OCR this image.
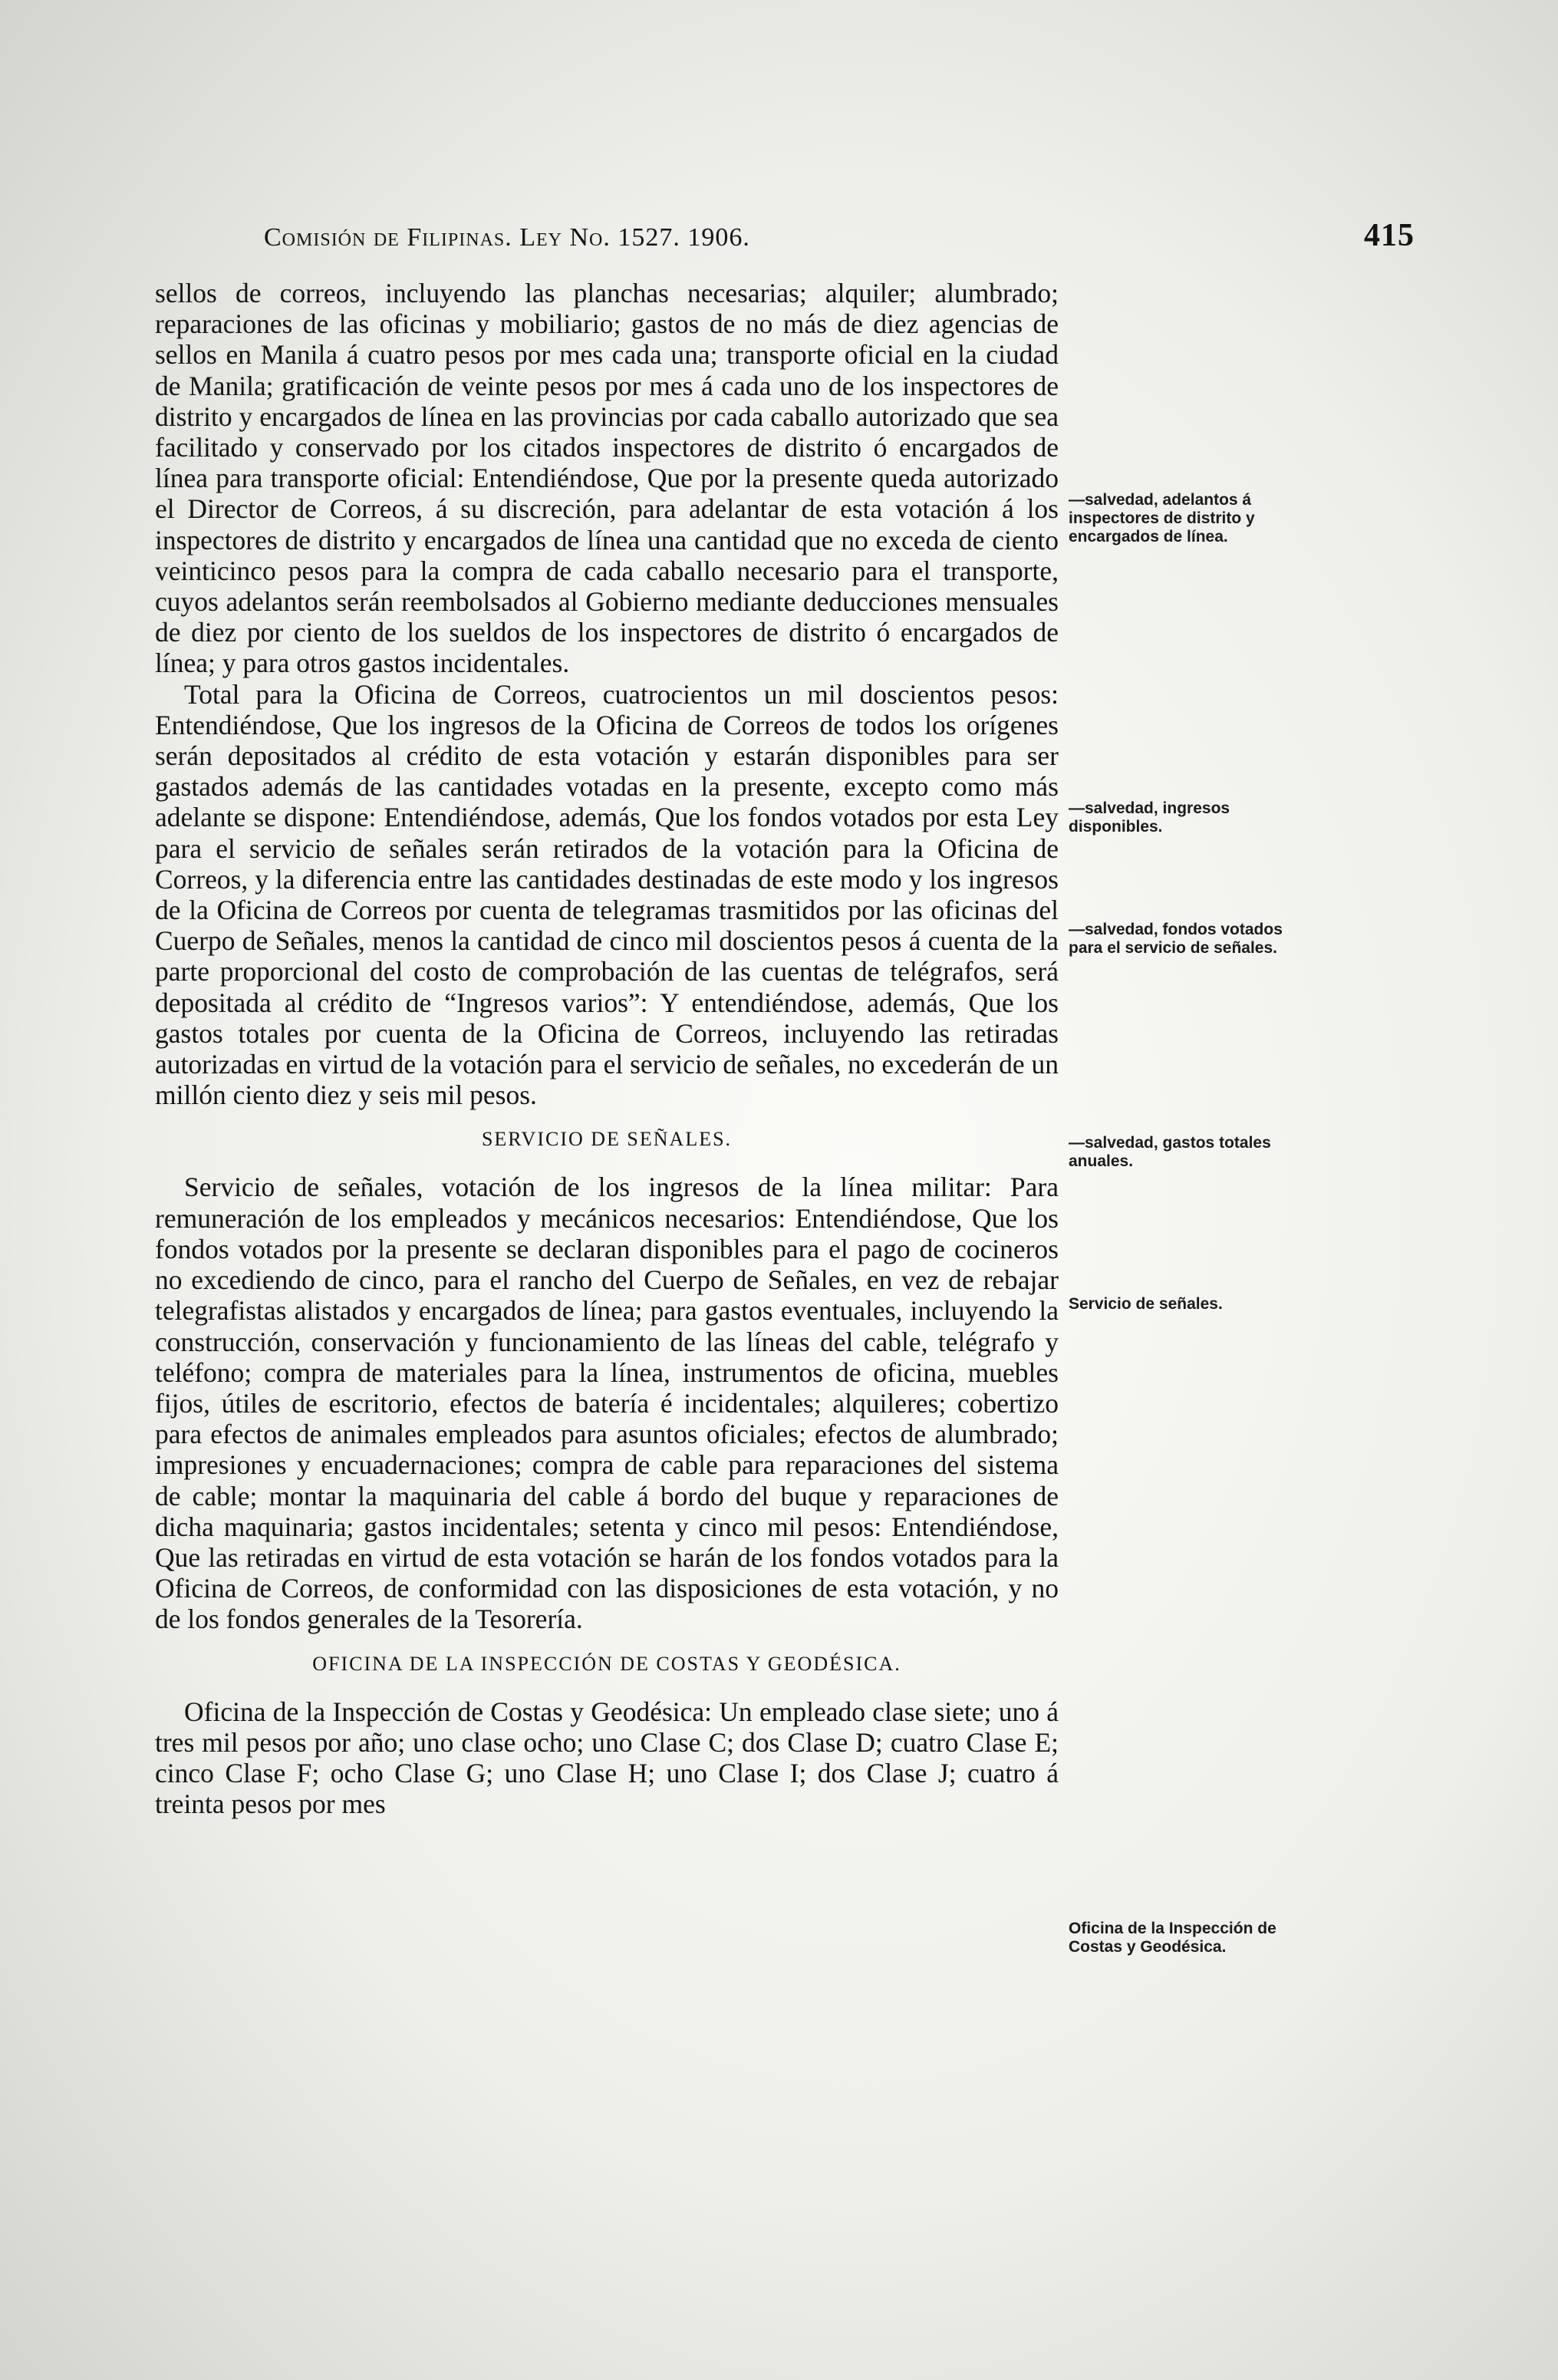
Comisión de Filipinas. Ley No. 1527. 1906.	415

sellos de correos, incluyendo las planchas necesarias; alquiler; alumbrado; reparaciones de las oficinas y mobiliario; gastos de no más de diez agencias de sellos en Manila á cuatro pesos por mes cada una; transporte oficial en la ciudad de Manila; gratificación de veinte pesos por mes á cada uno de los inspectores de distrito y encargados de línea en las provincias por cada caballo autorizado que sea facilitado y conservado por los citados inspectores de distrito ó encargados de línea para transporte oficial: Entendiéndose, Que por la presente queda autorizado el Director de Correos, á su discreción, para adelantar de esta votación á los inspectores de distrito y encargados de línea una cantidad que no exceda de ciento veinticinco pesos para la compra de cada caballo necesario para el transporte, cuyos adelantos serán reembolsados al Gobierno mediante deducciones mensuales de diez por ciento de los sueldos de los inspectores de distrito ó encargados de línea; y para otros gastos incidentales.

Total para la Oficina de Correos, cuatrocientos un mil doscientos pesos: Entendiéndose, Que los ingresos de la Oficina de Correos de todos los orígenes serán depositados al crédito de esta votación y estarán disponibles para ser gastados además de las cantidades votadas en la presente, excepto como más adelante se dispone: Entendiéndose, además, Que los fondos votados por esta Ley para el servicio de señales serán retirados de la votación para la Oficina de Correos, y la diferencia entre las cantidades destinadas de este modo y los ingresos de la Oficina de Correos por cuenta de telegramas trasmitidos por las oficinas del Cuerpo de Señales, menos la cantidad de cinco mil doscientos pesos á cuenta de la parte proporcional del costo de comprobación de las cuentas de telégrafos, será depositada al crédito de “Ingresos varios”: Y entendiéndose, además, Que los gastos totales por cuenta de la Oficina de Correos, incluyendo las retiradas autorizadas en virtud de la votación para el servicio de señales, no excederán de un millón ciento diez y seis mil pesos.

SERVICIO DE SEÑALES.

Servicio de señales, votación de los ingresos de la línea militar: Para remuneración de los empleados y mecánicos necesarios: Entendiéndose, Que los fondos votados por la presente se declaran disponibles para el pago de cocineros no excediendo de cinco, para el rancho del Cuerpo de Señales, en vez de rebajar telegrafistas alistados y encargados de línea; para gastos eventuales, incluyendo la construcción, conservación y funcionamiento de las líneas del cable, telégrafo y teléfono; compra de materiales para la línea, instrumentos de oficina, muebles fijos, útiles de escritorio, efectos de batería é incidentales; alquileres; cobertizo para efectos de animales empleados para asuntos oficiales; efectos de alumbrado; impresiones y encuadernaciones; compra de cable para reparaciones del sistema de cable; montar la maquinaria del cable á bordo del buque y reparaciones de dicha maquinaria; gastos incidentales; setenta y cinco mil pesos: Entendiéndose, Que las retiradas en virtud de esta votación se harán de los fondos votados para la Oficina de Correos, de conformidad con las disposiciones de esta votación, y no de los fondos generales de la Tesorería.

OFICINA DE LA INSPECCIÓN DE COSTAS Y GEODÉSICA.

Oficina de la Inspección de Costas y Geodésica: Un empleado clase siete; uno á tres mil pesos por año; uno clase ocho; uno Clase C; dos Clase D; cuatro Clase E; cinco Clase F; ocho Clase G; uno Clase H; uno Clase I; dos Clase J; cuatro á treinta pesos por mes

—salvedad, adelantos á inspectores de distrito y encargados de línea.
—salvedad, ingresos disponibles.
—salvedad, fondos votados para el servicio de señales.
—salvedad, gastos totales anuales.
Servicio de señales.
Oficina de la Inspección de Costas y Geodésica.
